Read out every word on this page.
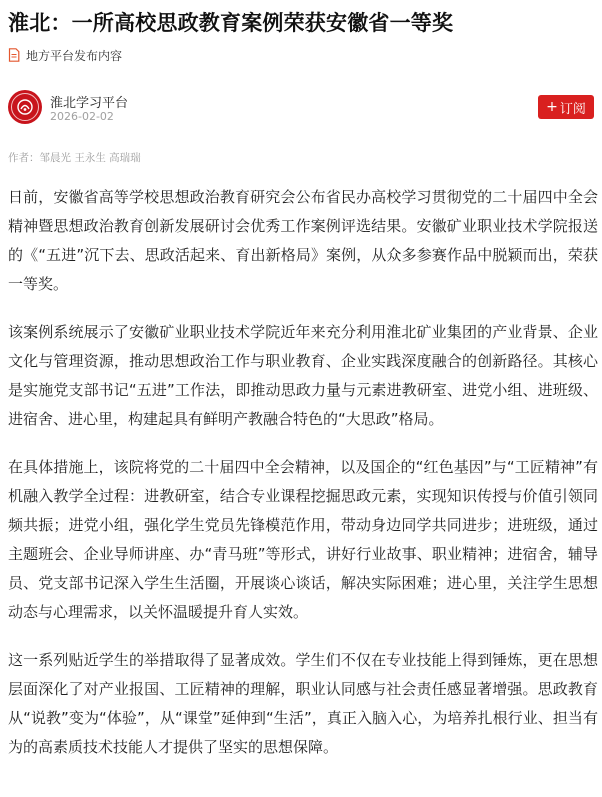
淮北：一所高校思政教育案例荣获安徽省一等奖
地方平台发布内容
淮北学习平台
2026-02-02
+ 订阅
作者：邹晨光 王永生 高瑞瑞

日前，安徽省高等学校思想政治教育研究会公布省民办高校学习贯彻党的二十届四中全会精神暨思想政治教育创新发展研讨会优秀工作案例评选结果。安徽矿业职业技术学院报送的《“五进”沉下去、思政活起来、育出新格局》案例，从众多参赛作品中脱颖而出，荣获一等奖。

该案例系统展示了安徽矿业职业技术学院近年来充分利用淮北矿业集团的产业背景、企业文化与管理资源，推动思想政治工作与职业教育、企业实践深度融合的创新路径。其核心是实施党支部书记“五进”工作法，即推动思政力量与元素进教研室、进党小组、进班级、进宿舍、进心里，构建起具有鲜明产教融合特色的“大思政”格局。

在具体措施上，该院将党的二十届四中全会精神，以及国企的“红色基因”与“工匠精神”有机融入教学全过程：进教研室，结合专业课程挖掘思政元素，实现知识传授与价值引领同频共振；进党小组，强化学生党员先锋模范作用，带动身边同学共同进步；进班级，通过主题班会、企业导师讲座、办“青马班”等形式，讲好行业故事、职业精神；进宿舍，辅导员、党支部书记深入学生生活圈，开展谈心谈话，解决实际困难；进心里，关注学生思想动态与心理需求，以关怀温暖提升育人实效。

这一系列贴近学生的举措取得了显著成效。学生们不仅在专业技能上得到锤炼，更在思想层面深化了对产业报国、工匠精神的理解，职业认同感与社会责任感显著增强。思政教育从“说教”变为“体验”，从“课堂”延伸到“生活”，真正入脑入心，为培养扎根行业、担当有为的高素质技术技能人才提供了坚实的思想保障。
